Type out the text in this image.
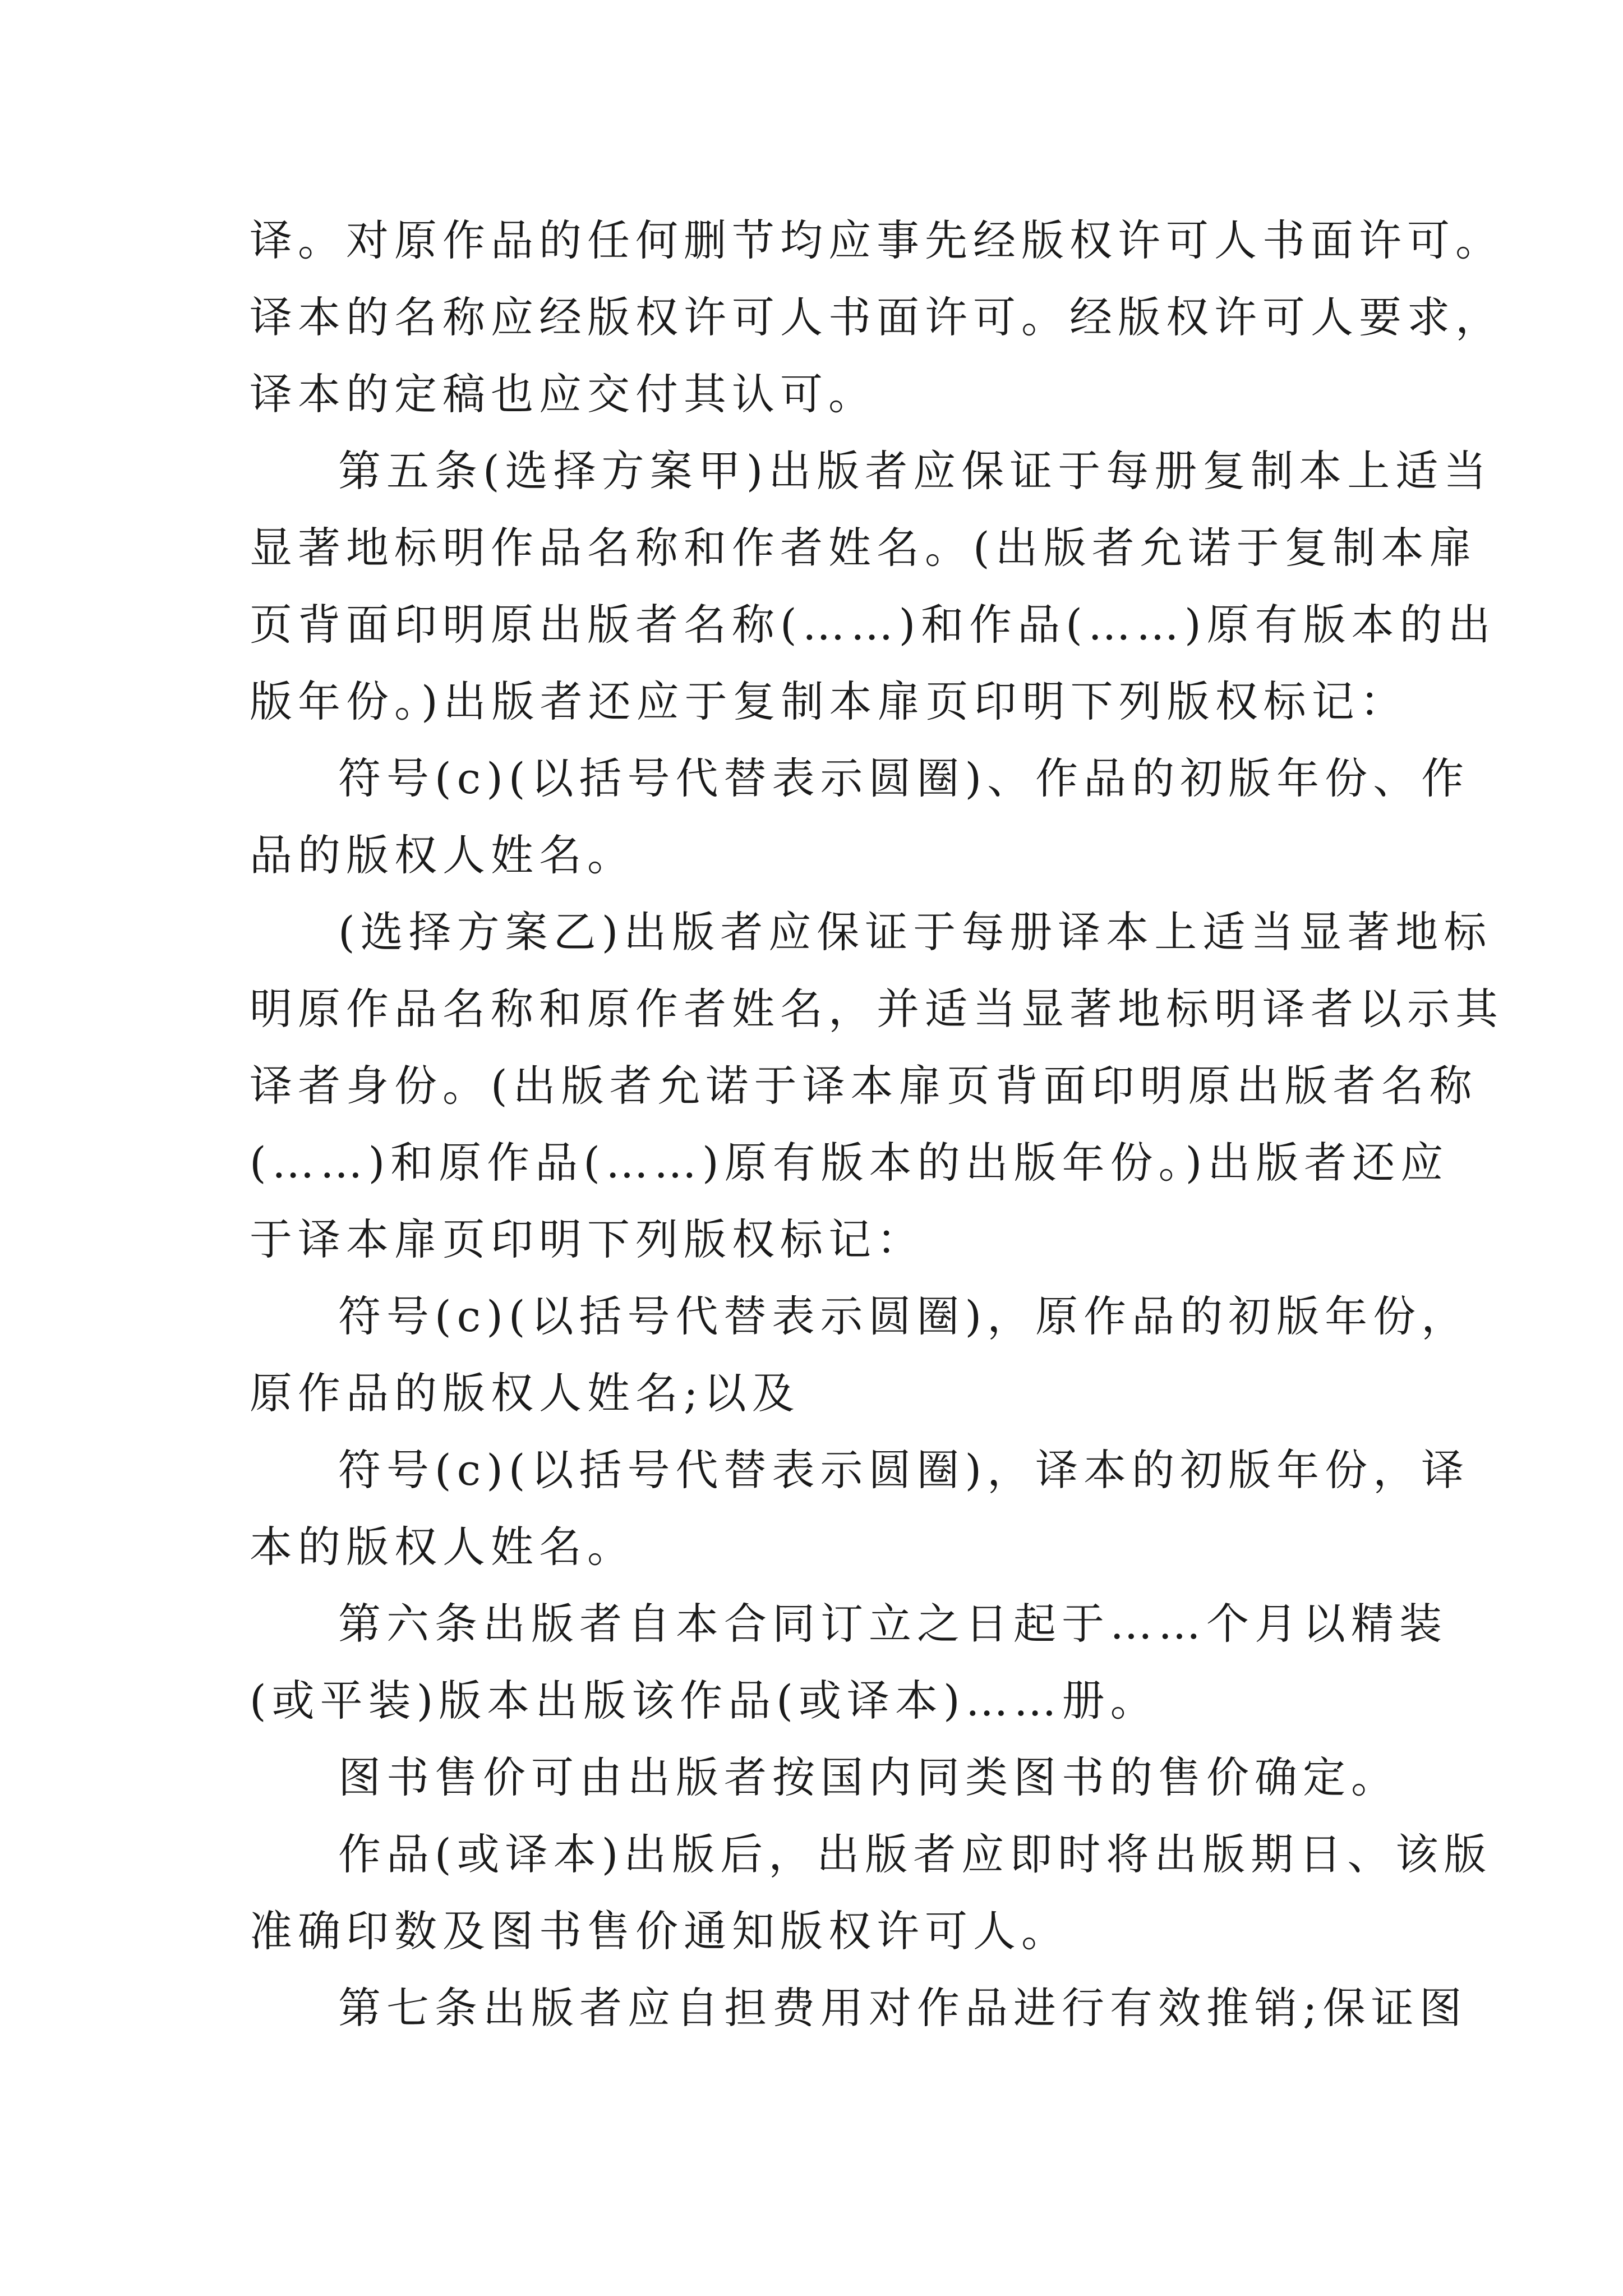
译。对原作品的任何删节均应事先经版权许可人书面许可。
译本的名称应经版权许可人书面许可。经版权许可人要求，
译本的定稿也应交付其认可。
第五条(选择方案甲)出版者应保证于每册复制本上适当
显著地标明作品名称和作者姓名。(出版者允诺于复制本扉
页背面印明原出版者名称(……)和作品(……)原有版本的出
版年份。)出版者还应于复制本扉页印明下列版权标记：
符号(c)(以括号代替表示圆圈)、作品的初版年份、作
品的版权人姓名。
(选择方案乙)出版者应保证于每册译本上适当显著地标
明原作品名称和原作者姓名，并适当显著地标明译者以示其
译者身份。(出版者允诺于译本扉页背面印明原出版者名称
(……)和原作品(……)原有版本的出版年份。)出版者还应
于译本扉页印明下列版权标记：
符号(c)(以括号代替表示圆圈)，原作品的初版年份，
原作品的版权人姓名;以及
符号(c)(以括号代替表示圆圈)，译本的初版年份，译
本的版权人姓名。
第六条出版者自本合同订立之日起于……个月以精装
(或平装)版本出版该作品(或译本)……册。
图书售价可由出版者按国内同类图书的售价确定。
作品(或译本)出版后，出版者应即时将出版期日、该版
准确印数及图书售价通知版权许可人。
第七条出版者应自担费用对作品进行有效推销;保证图
